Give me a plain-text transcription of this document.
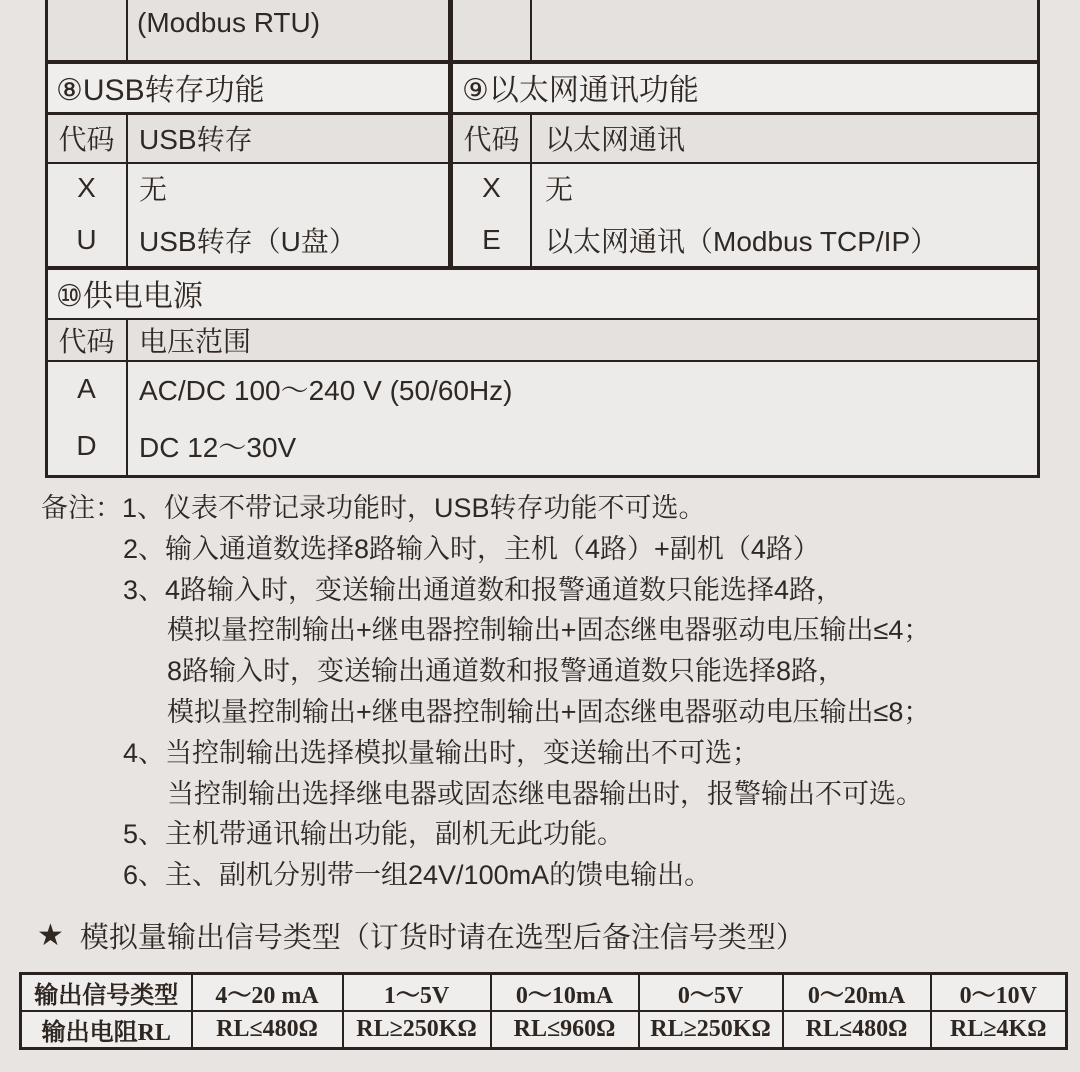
(Modbus RTU)
⑧USB转存功能
代码 USB转存
X	无
U	USB转存（U盘）
⑨以太网通讯功能
代码 以太网通讯
X	无
E	以太网通讯（Modbus TCP/IP）
⑩供电电源
代码 电压范围
A	AC/DC 100～240 V (50/60Hz)
D	DC 12～30V
备注：1、仪表不带记录功能时，USB转存功能不可选。
2、输入通道数选择8路输入时，主机（4路）+副机（4路）
3、4路输入时，变送输出通道数和报警通道数只能选择4路，
模拟量控制输出+继电器控制输出+固态继电器驱动电压输出≤4；
8路输入时，变送输出通道数和报警通道数只能选择8路，
模拟量控制输出+继电器控制输出+固态继电器驱动电压输出≤8；
4、当控制输出选择模拟量输出时，变送输出不可选；
当控制输出选择继电器或固态继电器输出时，报警输出不可选。
5、主机带通讯输出功能，副机无此功能。
6、主、副机分别带一组24V/100mA的馈电输出。
★ 模拟量输出信号类型（订货时请在选型后备注信号类型）
输出信号类型	4～20 mA	1～5V	0～10mA	0～5V	0～20mA	0～10V
输出电阻RL	RL≤480Ω	RL≥250KΩ	RL≤960Ω	RL≥250KΩ	RL≤480Ω	RL≥4KΩ
